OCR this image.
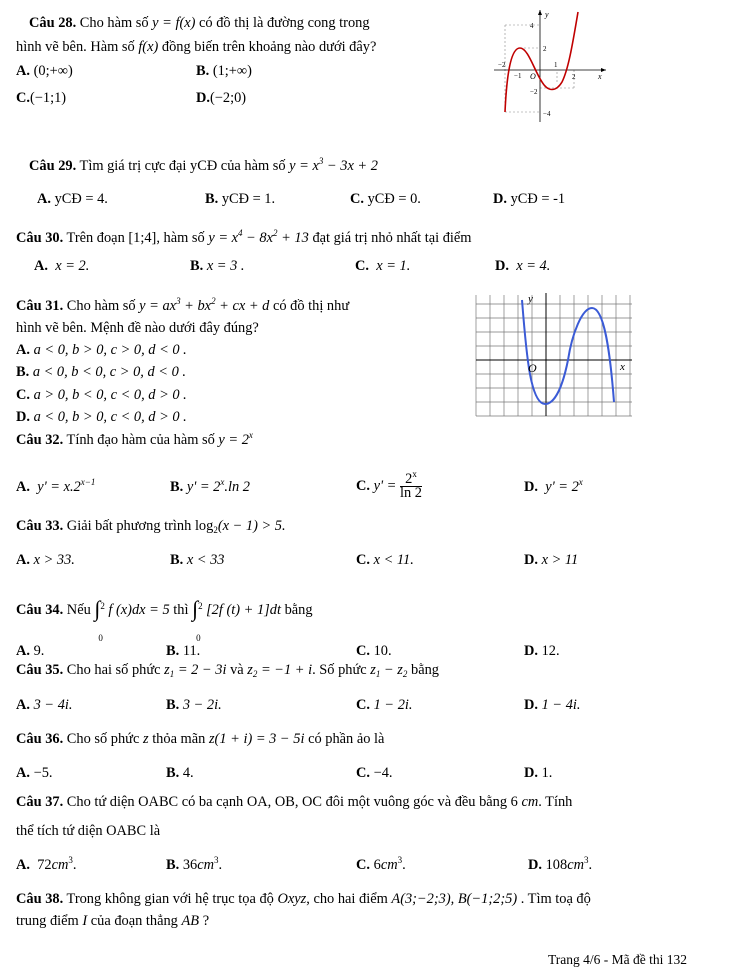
Câu 28. Cho hàm số y = f(x) có đồ thị là đường cong trong
hình vẽ bên. Hàm số f(x) đồng biến trên khoảng nào dưới đây?
A. (0;+∞)	B. (1;+∞)
C.(−1;1)	D.(−2;0)
y
4
2
−2
−1 O
1
2	x
−2
−4
Câu 29. Tìm giá trị cực đại yCĐ của hàm số $y = x^3 - 3x + 2$
A. yCĐ = 4.	B. yCĐ = 1.	C. yCĐ = 0.	D. yCĐ = -1
Câu 30. Trên đoạn [1;4], hàm số $y = x^4 - 8x^2 + 13$ đạt giá trị nhỏ nhất tại điểm
A. x = 2.	B. x = 3 .	C. x = 1.	D. x = 4.
Câu 31. Cho hàm số $y = ax^3 + bx^2$ + cx + d có đồ thị như
hình vẽ bên. Mệnh đề nào dưới đây đúng?
A. a < 0, b > 0, c > 0, d < 0 .
B. a < 0, b < 0, c > 0, d < 0 .
C. a > 0, b < 0, c < 0, d > 0 .
D. a < 0, b > 0, c < 0, d > 0 .
y
O	x
Câu 32. Tính đạo hàm của hàm số $y = 2^x$
A. $y' = x.2^{x-1}$	B. $y' = 2^x.\ln$ 2	C. $y' = \frac{2^x}{\ln 2}$	D. $y' = 2^x$
Câu 33. Giải bất phương trình $\log_2(x - 1) > 5$.
A. x > 33.	B. x < 33	C. x < 11.	D. x > 11
Câu 34. Nếu ∫ 2
0
f (x)dx = 5 thì ∫ 2
0
[2f (t) + 1]dt bằng
A. 9.	B. 11.	C. 10.	D. 12.
Câu 35. Cho hai số phức $z_1 = 2 - 3i$ và $z_2 = -1 + i$. Số phức $z_1 - z_2$ bằng
A. 3 − 4i.	B. 3 − 2i.	C. 1 − 2i.	D. 1 − 4i.
Câu 36. Cho số phức z thỏa mãn z(1 + i) = 3 − 5i có phần ảo là
A. −5.	B. 4.	C. −4.	D. 1.
Câu 37. Cho tứ diện OABC có ba cạnh OA, OB, OC đôi một vuông góc và đều bằng 6 cm. Tính
thể tích tứ diện OABC là
A. $72cm^3$.	B. $36cm^3$.	C. $6cm^3$.	D. $108cm^3$.
Câu 38. Trong không gian với hệ trục tọa độ Oxyz, cho hai điểm A(3;−2;3), B(−1;2;5) . Tìm toạ độ
trung điểm I của đoạn thẳng AB ?
Trang 4/6 - Mã đề thi 132
